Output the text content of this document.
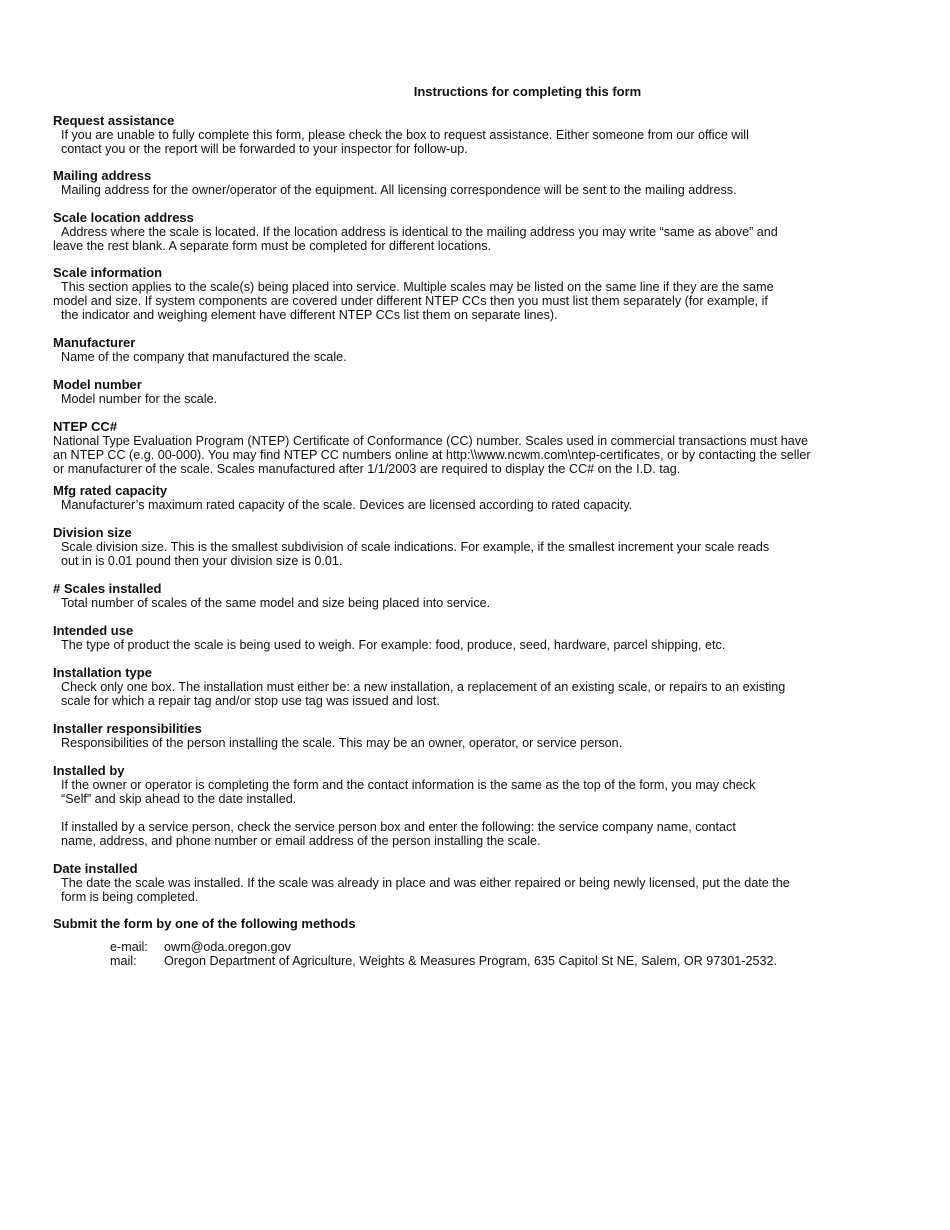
Instructions for completing this form
Request assistance
If you are unable to fully complete this form, please check the box to request assistance. Either someone from our office will
contact you or the report will be forwarded to your inspector for follow-up.
Mailing address
Mailing address for the owner/operator of the equipment. All licensing correspondence will be sent to the mailing address.
Scale location address
Address where the scale is located. If the location address is identical to the mailing address you may write “same as above” and
leave the rest blank. A separate form must be completed for different locations.
Scale information
This section applies to the scale(s) being placed into service. Multiple scales may be listed on the same line if they are the same
model and size. If system components are covered under different NTEP CCs then you must list them separately (for example, if
the indicator and weighing element have different NTEP CCs list them on separate lines).
Manufacturer
Name of the company that manufactured the scale.
Model number
Model number for the scale.
NTEP CC#
National Type Evaluation Program (NTEP) Certificate of Conformance (CC) number. Scales used in commercial transactions must have
an NTEP CC (e.g. 00-000). You may find NTEP CC numbers online at http:\\www.ncwm.com\ntep-certificates, or by contacting the seller
or manufacturer of the scale. Scales manufactured after 1/1/2003 are required to display the CC# on the I.D. tag.
Mfg rated capacity
Manufacturer’s maximum rated capacity of the scale. Devices are licensed according to rated capacity.
Division size
Scale division size. This is the smallest subdivision of scale indications. For example, if the smallest increment your scale reads
out in is 0.01 pound then your division size is 0.01.
# Scales installed
Total number of scales of the same model and size being placed into service.
Intended use
The type of product the scale is being used to weigh. For example: food, produce, seed, hardware, parcel shipping, etc.
Installation type
Check only one box. The installation must either be: a new installation, a replacement of an existing scale, or repairs to an existing
scale for which a repair tag and/or stop use tag was issued and lost.
Installer responsibilities
Responsibilities of the person installing the scale. This may be an owner, operator, or service person.
Installed by
If the owner or operator is completing the form and the contact information is the same as the top of the form, you may check
“Self” and skip ahead to the date installed.
If installed by a service person, check the service person box and enter the following: the service company name, contact
name, address, and phone number or email address of the person installing the scale.
Date installed
The date the scale was installed. If the scale was already in place and was either repaired or being newly licensed, put the date the
form is being completed.
Submit the form by one of the following methods
e-mail:	owm@oda.oregon.gov
mail:	Oregon Department of Agriculture, Weights & Measures Program, 635 Capitol St NE, Salem, OR 97301-2532.
